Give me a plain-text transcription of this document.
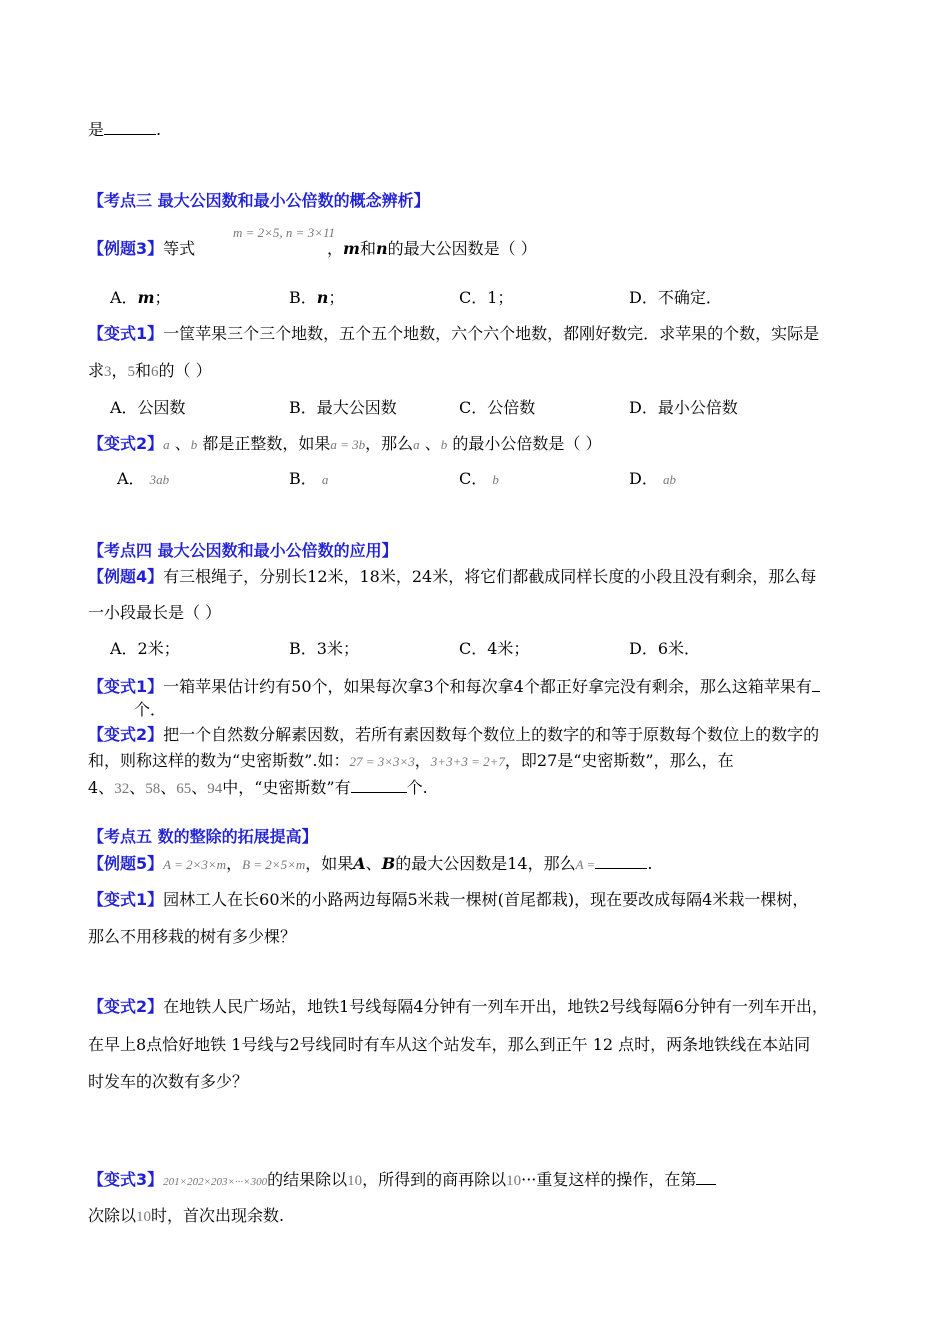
是	.
【考点三 最大公因数和最小公倍数的概念辨析】
【例题3】等式
m = 2×5, n = 3×11
，m和n的最大公因数是（ ）
A．m；	B．n；	C．1；	D．不确定．
【变式1】一筐苹果三个三个地数，五个五个地数，六个六个地数，都刚好数完．求苹果的个数，实际是
求3，5和6的（ ）
A．公因数	B．最大公因数	C．公倍数	D．最小公倍数
【变式2】a 、b 都是正整数，如果a = 3b，那么a 、b 的最小公倍数是（ ）
A． 3ab	B． a	C． b	D． ab
【考点四 最大公因数和最小公倍数的应用】
【例题4】有三根绳子，分别长12米，18米，24米，将它们都截成同样长度的小段且没有剩余，那么每
一小段最长是（ ）
A．2米；	B．3米；	C．4米；	D．6米．
【变式1】一箱苹果估计约有50个，如果每次拿3个和每次拿4个都正好拿完没有剩余，那么这箱苹果有
个．
【变式2】把一个自然数分解素因数，若所有素因数每个数位上的数字的和等于原数每个数位上的数字的
和，则称这样的数为“史密斯数”.如：27 = 3×3×3，3+3+3 = 2+7，即27是“史密斯数”，那么，在
4、32、58、65、94中，“史密斯数”有	个.
【考点五 数的整除的拓展提高】
【例题5】A = 2×3×m，B = 2×5×m，如果A、B的最大公因数是14，那么A =	.
【变式1】园林工人在长60米的小路两边每隔5米栽一棵树(首尾都栽)，现在要改成每隔4米栽一棵树，
那么不用移栽的树有多少棵？
【变式2】在地铁人民广场站，地铁1号线每隔4分钟有一列车开出，地铁2号线每隔6分钟有一列车开出，
在早上8点恰好地铁 1号线与2号线同时有车从这个站发车，那么到正午 12 点时，两条地铁线在本站同
时发车的次数有多少？
【变式3】201×202×203×···×300的结果除以10，所得到的商再除以10···重复这样的操作，在第
次除以10时，首次出现余数.
